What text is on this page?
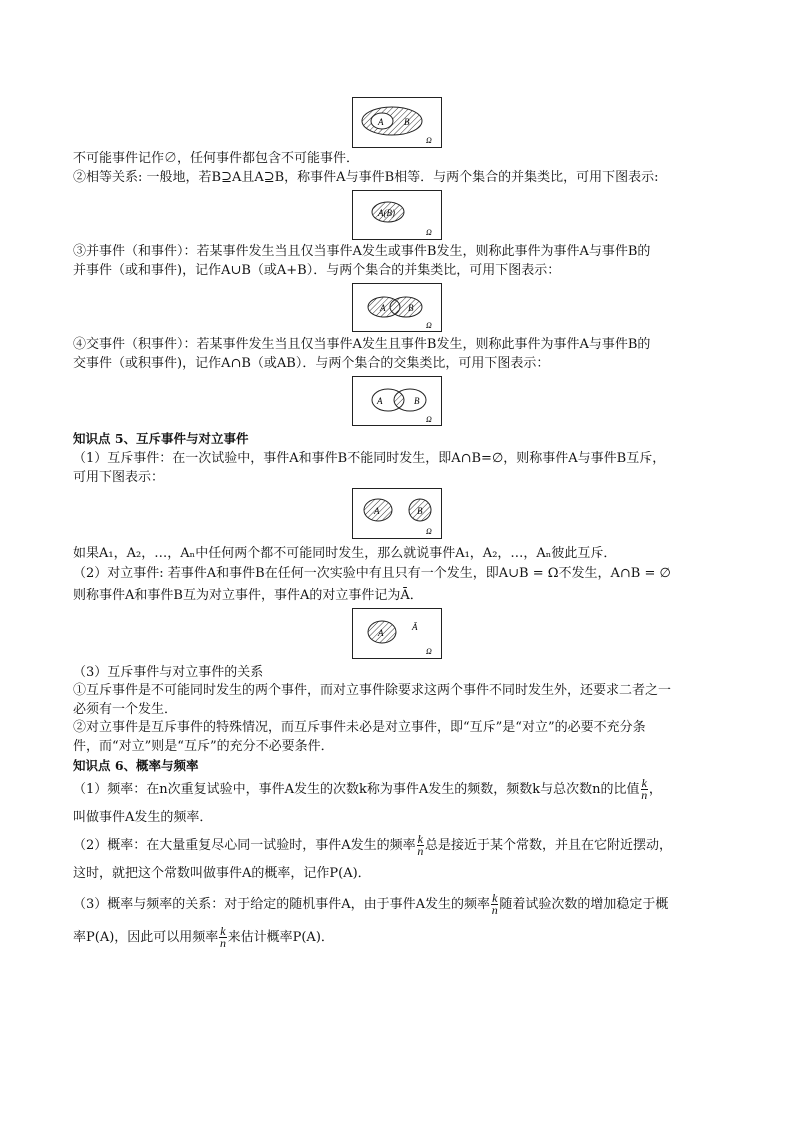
A B
Ω
不可能事件记作∅，任何事件都包含不可能事件．
②相等关系: 一般地，若B⊇A且A⊇B，称事件A与事件B相等．与两个集合的并集类比，可用下图表示:
A(B)
Ω
③并事件（和事件）：若某事件发生当且仅当事件A发生或事件B发生，则称此事件为事件A与事件B的
并事件（或和事件)，记作A∪B（或A+B）．与两个集合的并集类比，可用下图表示：
A	B
Ω
④交事件（积事件）：若某事件发生当且仅当事件A发生且事件B发生，则称此事件为事件A与事件B的
交事件（或积事件)，记作A∩B（或AB）．与两个集合的交集类比，可用下图表示：
A	B
Ω
知识点 5、互斥事件与对立事件
（1）互斥事件：在一次试验中，事件A和事件B不能同时发生，即A∩B=∅，则称事件A与事件B互斥，
可用下图表示：
A	B
Ω
如果A₁，A₂，…，Aₙ中任何两个都不可能同时发生，那么就说事件A₁，A₂，…，Aₙ彼此互斥．
（2）对立事件: 若事件A和事件B在任何一次实验中有且只有一个发生，即A∪B = Ω不发生，A∩B = ∅
则称事件A和事件B互为对立事件，事件A的对立事件记为Ā．
A
Ā
Ω
（3）互斥事件与对立事件的关系
①互斥事件是不可能同时发生的两个事件，而对立事件除要求这两个事件不同时发生外，还要求二者之一
必须有一个发生．
②对立事件是互斥事件的特殊情况，而互斥事件未必是对立事件，即“互斥”是“对立”的必要不充分条
件，而“对立”则是“互斥”的充分不必要条件．
知识点 6、概率与频率
（1）频率：在n次重复试验中，事件A发生的次数k称为事件A发生的频数，频数k与总次数n的比值 $\frac{k}{n}$ ，
叫做事件A发生的频率．
（2）概率：在大量重复尽心同一试验时，事件A发生的频率 $\frac{k}{n}$ 总是接近于某个常数，并且在它附近摆动，
这时，就把这个常数叫做事件A的概率，记作P(A)．
（3）概率与频率的关系：对于给定的随机事件A，由于事件A发生的频率 $\frac{k}{n}$ 随着试验次数的增加稳定于概
率P(A)，因此可以用频率 $\frac{k}{n}$ 来估计概率P(A)．
